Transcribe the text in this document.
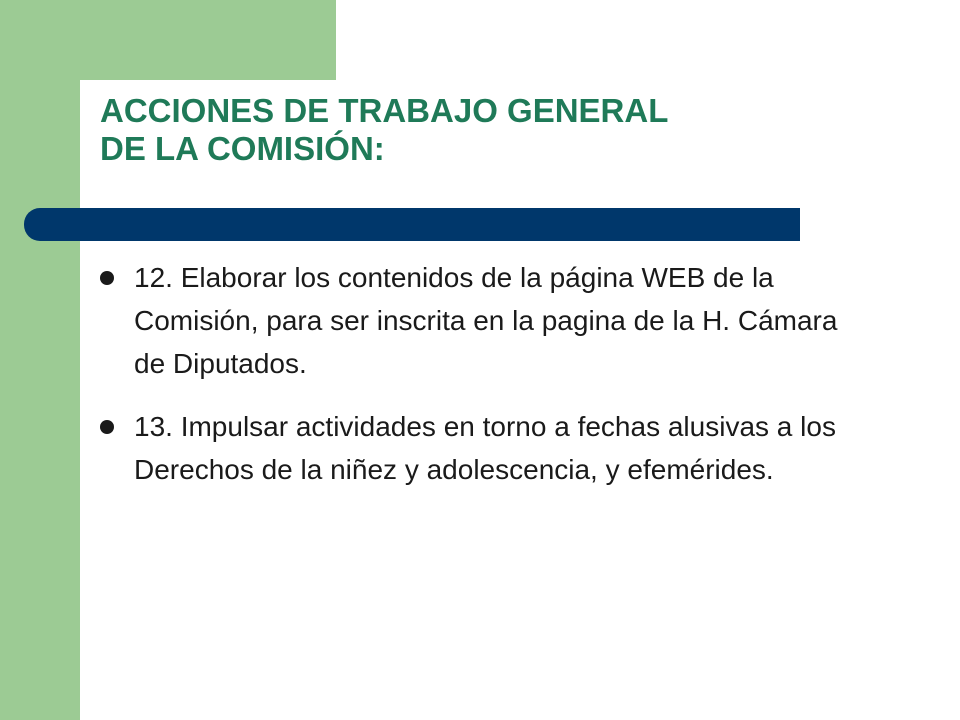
ACCIONES DE TRABAJO GENERAL
DE LA COMISIÓN:
12. Elaborar los contenidos de la página WEB de la Comisión, para ser inscrita en la pagina de la H. Cámara de Diputados.
13. Impulsar actividades en torno a fechas alusivas a los Derechos de la niñez y adolescencia, y efemérides.
